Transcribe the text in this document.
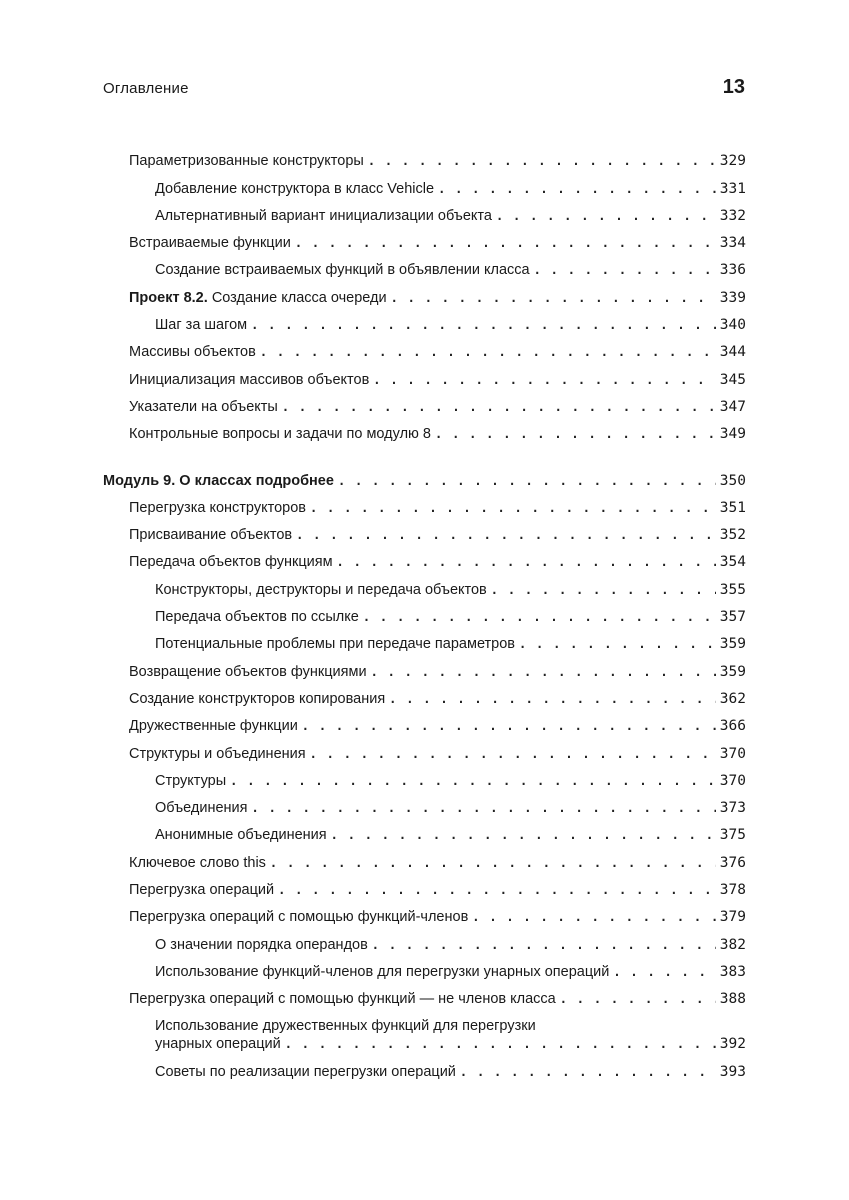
Оглавление	13
Параметризованные конструкторы . . .	329
Добавление конструктора в класс Vehicle . . .	331
Альтернативный вариант инициализации объекта . . .	332
Встраиваемые функции . . .	334
Создание встраиваемых функций в объявлении класса . . .	336
Проект 8.2. Создание класса очереди . . .	339
Шаг за шагом . . .	340
Массивы объектов . . .	344
Инициализация массивов объектов . . .	345
Указатели на объекты . . .	347
Контрольные вопросы и задачи по модулю 8 . . .	349
Модуль 9. О классах подробнее . . .	350
Перегрузка конструкторов . . .	351
Присваивание объектов . . .	352
Передача объектов функциям . . .	354
Конструкторы, деструкторы и передача объектов . . .	355
Передача объектов по ссылке . . .	357
Потенциальные проблемы при передаче параметров . . .	359
Возвращение объектов функциями . . .	359
Создание конструкторов копирования . . .	362
Дружественные функции . . .	366
Структуры и объединения . . .	370
Структуры . . .	370
Объединения . . .	373
Анонимные объединения . . .	375
Ключевое слово this . . .	376
Перегрузка операций . . .	378
Перегрузка операций с помощью функций-членов . . .	379
О значении порядка операндов . . .	382
Использование функций-членов для перегрузки унарных операций . . .	383
Перегрузка операций с помощью функций — не членов класса . . .	388
Использование дружественных функций для перегрузки
унарных операций . . .	392
Советы по реализации перегрузки операций . . .	393
